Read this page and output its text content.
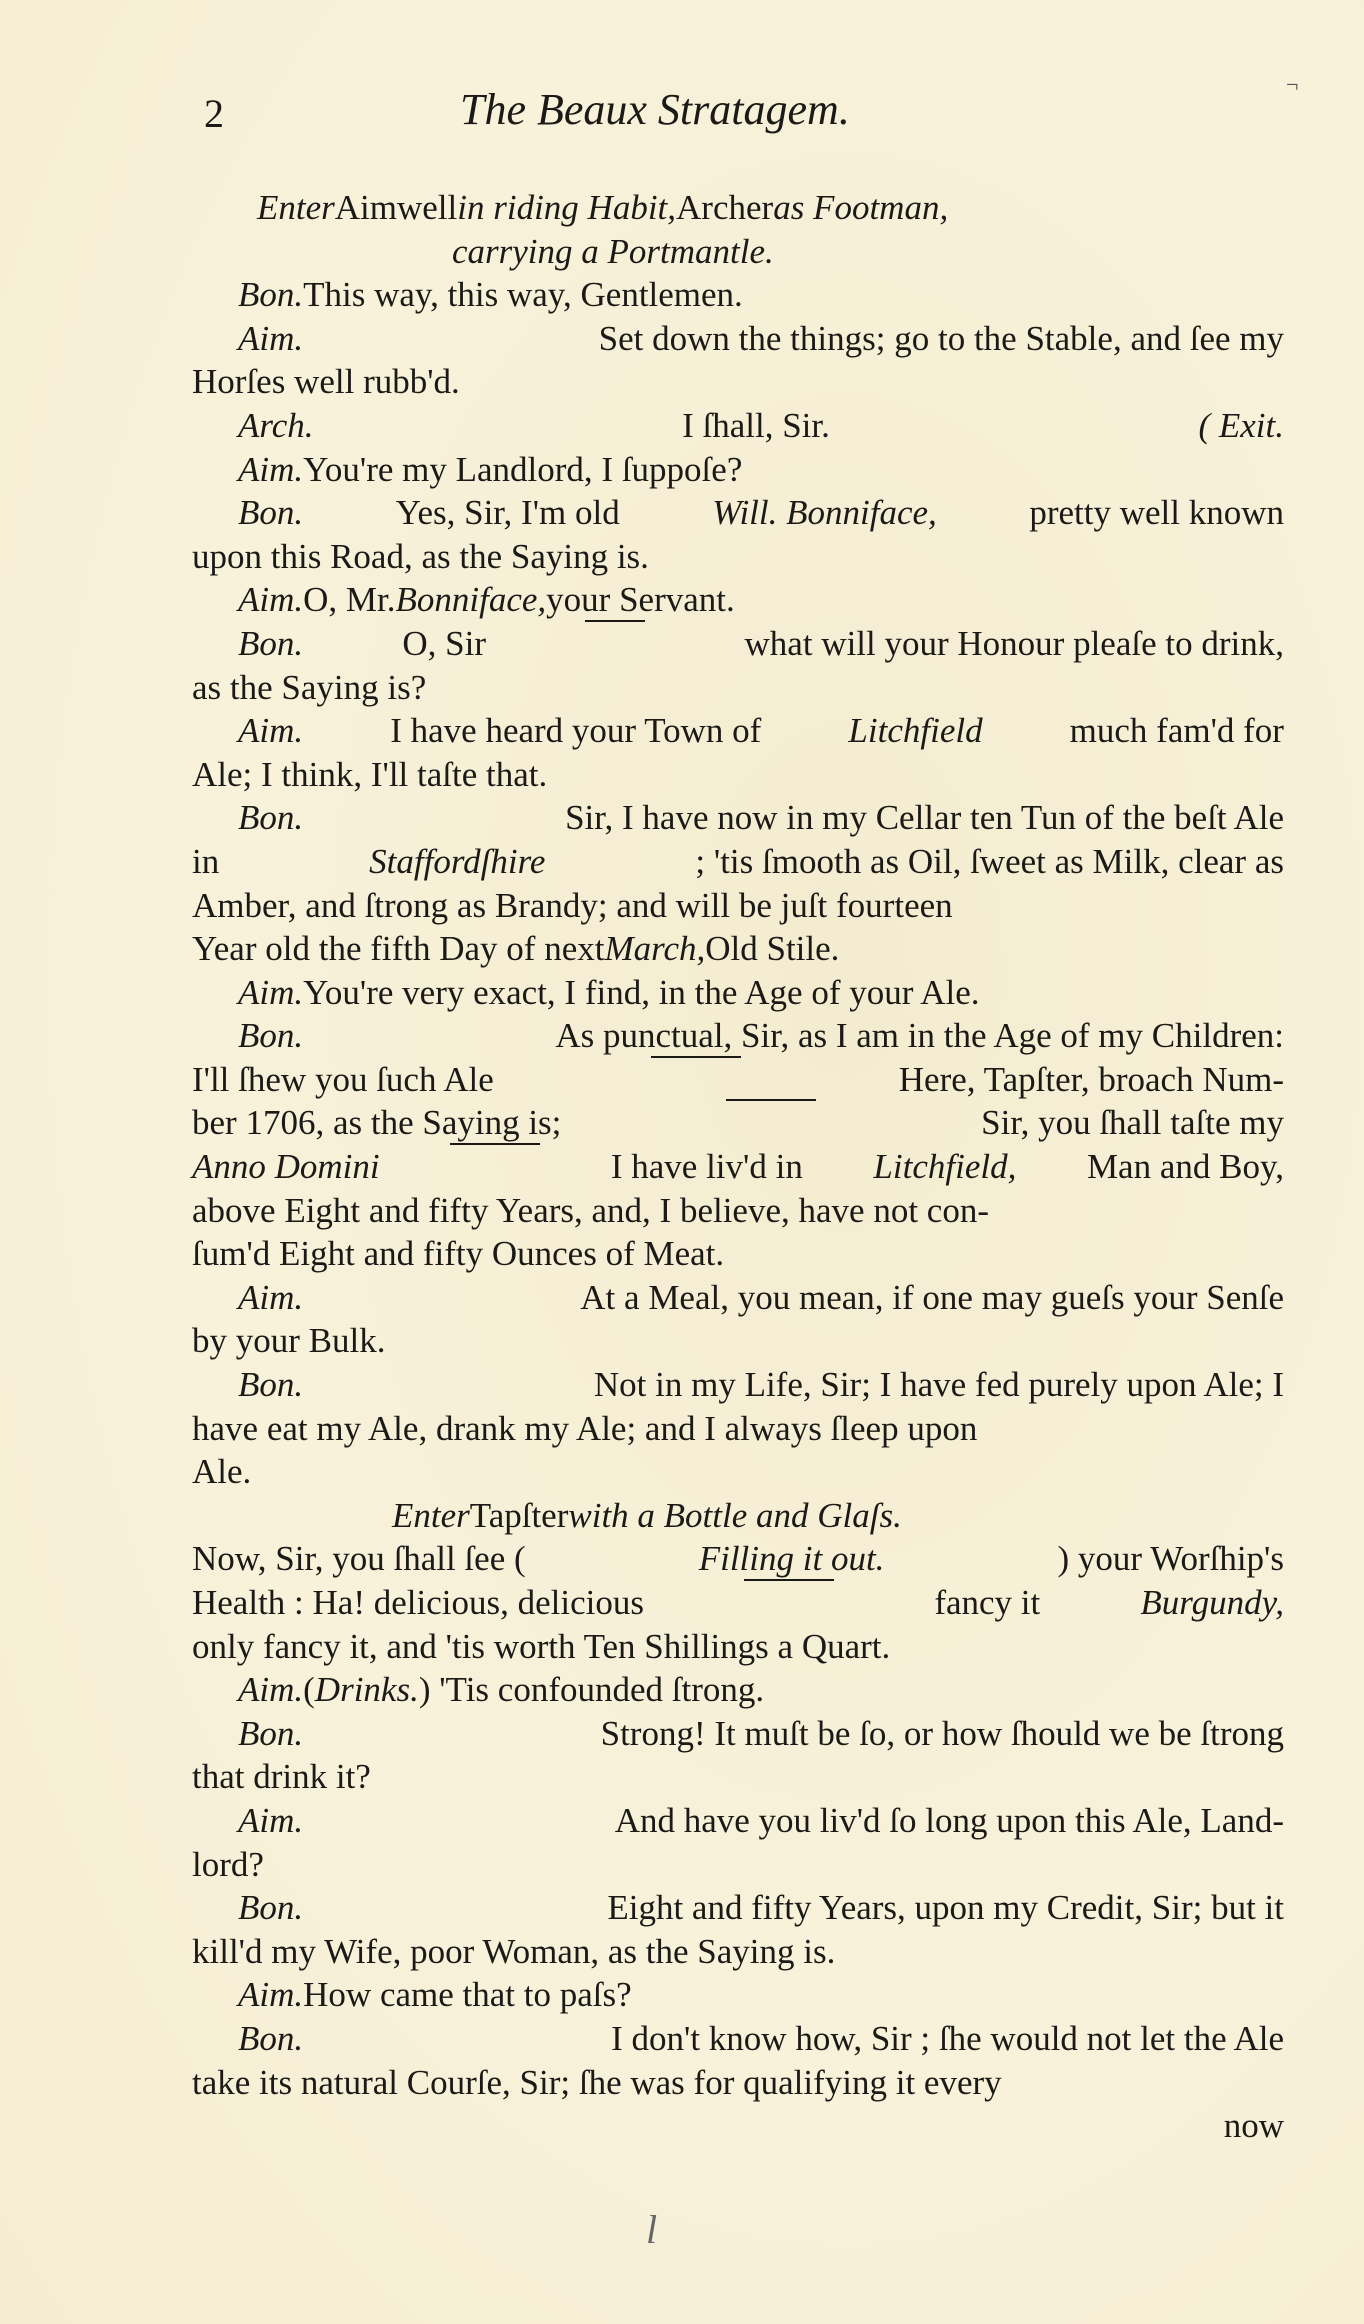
2	The Beaux Stratagem.
¬
Enter Aimwell in riding Habit, Archer as Footman,
carrying a Portmantle.
Bon. This way, this way, Gentlemen.
Aim.	Set down the things; go to the Stable, and ſee my
Horſes well rubb'd.
Arch.	I ſhall, Sir.	( Exit.
Aim. You're my Landlord, I ſuppoſe?
Bon.	Yes, Sir, I'm old	Will. Bonniface,	pretty well known
upon this Road, as the Saying is.
Aim. O, Mr. Bonniface, your Servant.
Bon.	O, Sir	what will your Honour pleaſe to drink,
as the Saying is?
Aim. I have heard your Town of Litchfield much fam'd for
Ale; I think, I'll taſte that.
Bon.	Sir, I have now in my Cellar ten Tun of the beſt Ale
in	Staffordſhire	; 'tis ſmooth as Oil, ſweet as Milk, clear as
Amber, and ſtrong as Brandy; and will be juſt fourteen
Year old the fifth Day of next March, Old Stile.
Aim. You're very exact, I find, in the Age of your Ale.
Bon.	As punctual, Sir, as I am in the Age of my Children:
I'll ſhew you ſuch Ale	Here, Tapſter, broach Num-
ber 1706, as the Saying is;	Sir, you ſhall taſte my
Anno Domini	I have liv'd in Litchfield, Man and Boy,
above Eight and fifty Years, and, I believe, have not con-
ſum'd Eight and fifty Ounces of Meat.
Aim.	At a Meal, you mean, if one may gueſs your Senſe
by your Bulk.
Bon.	Not in my Life, Sir; I have fed purely upon Ale; I
have eat my Ale, drank my Ale; and I always ſleep upon
Ale.
Enter Tapſter with a Bottle and Glaſs.
Now, Sir, you ſhall ſee (	Filling it out.	) your Worſhip's
Health : Ha! delicious, delicious	fancy it	Burgundy,
only fancy it, and 'tis worth Ten Shillings a Quart.
Aim. ( Drinks. ) 'Tis confounded ſtrong.
Bon.	Strong! It muſt be ſo, or how ſhould we be ſtrong
that drink it?
Aim.	And have you liv'd ſo long upon this Ale, Land-
lord?
Bon.	Eight and fifty Years, upon my Credit, Sir; but it
kill'd my Wife, poor Woman, as the Saying is.
Aim. How came that to paſs?
Bon.	I don't know how, Sir ; ſhe would not let the Ale
take its natural Courſe, Sir; ſhe was for qualifying it every
now
l
